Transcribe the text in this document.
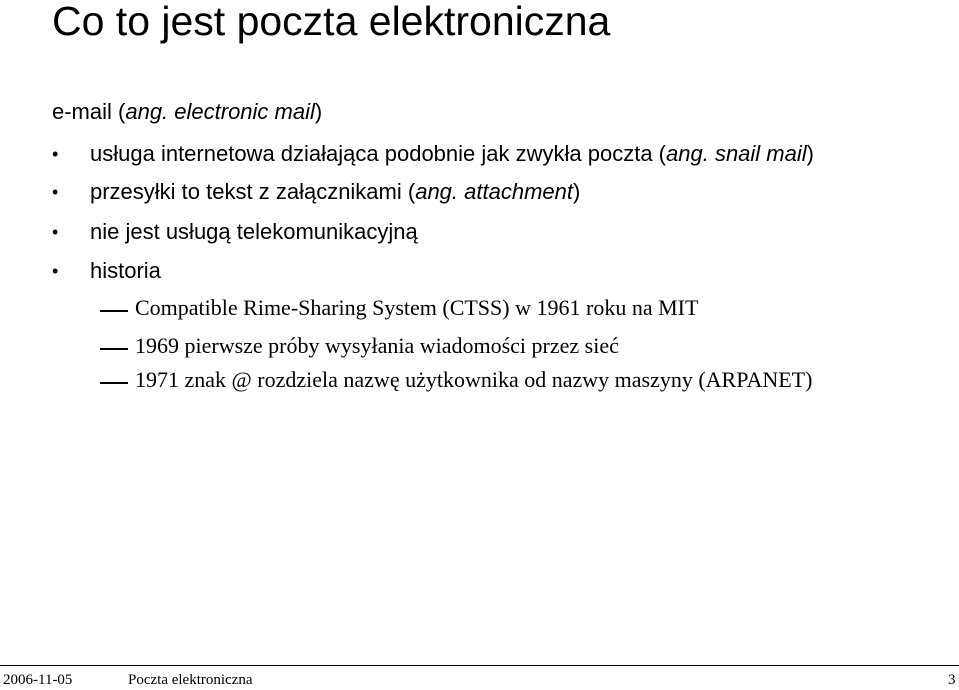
Co to jest poczta elektroniczna
e-mail (ang. electronic mail)
• usługa internetowa działająca podobnie jak zwykła poczta (ang. snail mail)
• przesyłki to tekst z załącznikami (ang. attachment)
• nie jest usługą telekomunikacyjną
• historia
Compatible Rime-Sharing System (CTSS) w 1961 roku na MIT
1969 pierwsze próby wysyłania wiadomości przez sieć
1971 znak @ rozdziela nazwę użytkownika od nazwy maszyny (ARPANET)
2006-11-05	Poczta elektroniczna	3
